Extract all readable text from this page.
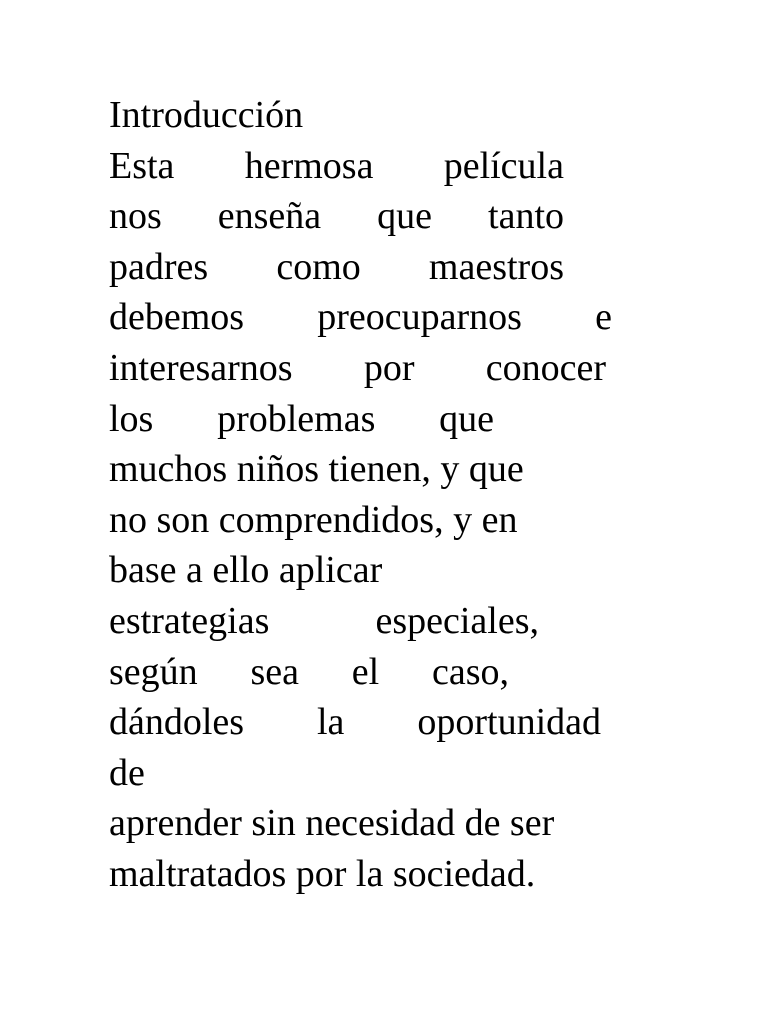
Introducción
Esta hermosa película
nos enseña que tanto
padres como maestros
debemos preocuparnos e
interesarnos por conocer
los problemas que
muchos niños tienen, y que
no son comprendidos, y en
base a ello aplicar
estrategias	especiales,
según sea el caso,
dándoles la oportunidad
de
aprender sin necesidad de ser
maltratados por la sociedad.
